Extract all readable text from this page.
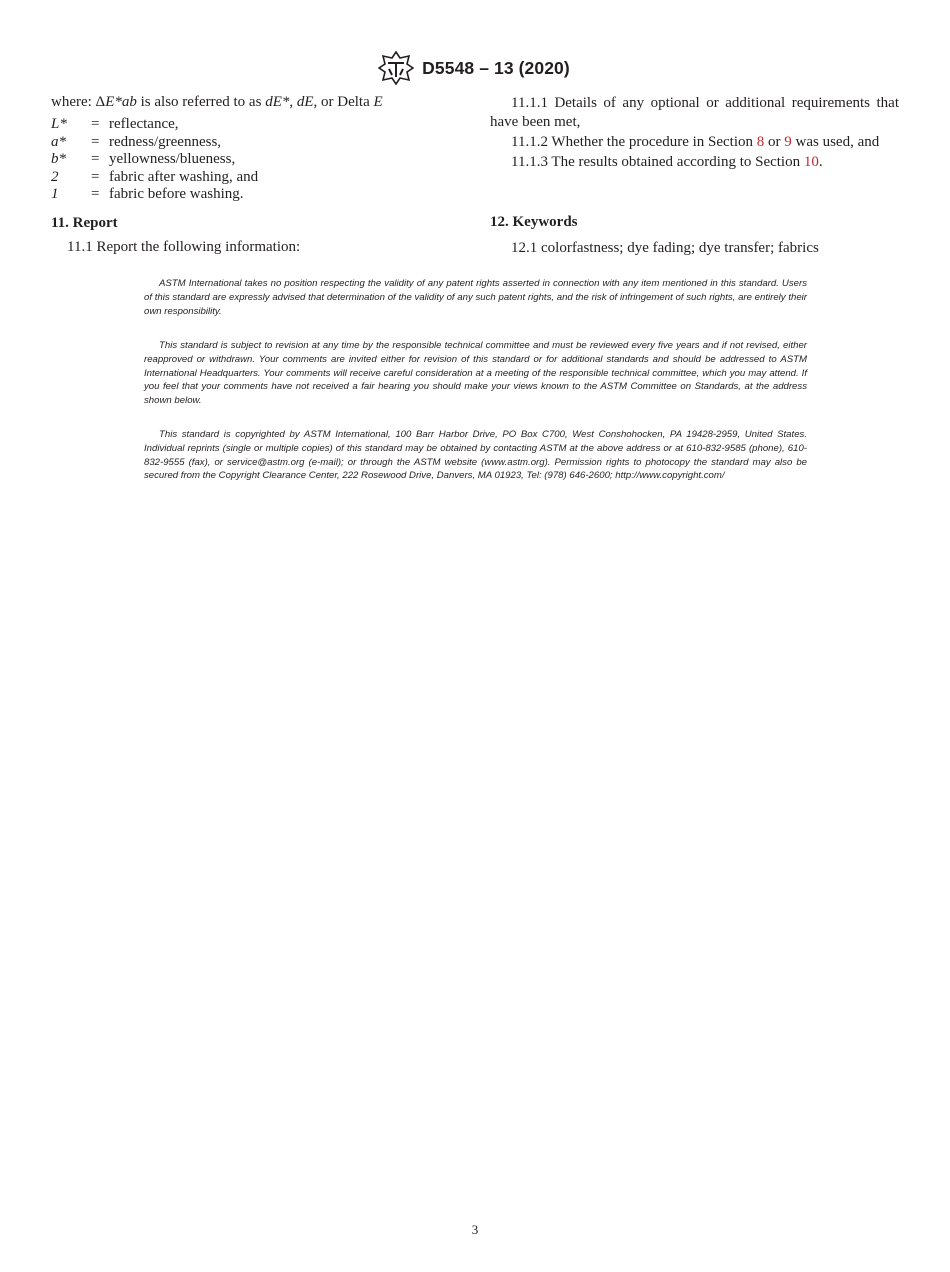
D5548 – 13 (2020)

where: ΔE*ab is also referred to as dE*, dE, or Delta E

L*	= reflectance,
a*	= redness/greenness,
b*	= yellowness/blueness,
2	= fabric after washing, and
1	= fabric before washing.

11. Report

11.1 Report the following information:

11.1.1 Details of any optional or additional requirements that have been met,

11.1.2 Whether the procedure in Section 8 or 9 was used, and

11.1.3 The results obtained according to Section 10.

12. Keywords

12.1 colorfastness; dye fading; dye transfer; fabrics

ASTM International takes no position respecting the validity of any patent rights asserted in connection with any item mentioned in this standard. Users of this standard are expressly advised that determination of the validity of any such patent rights, and the risk of infringement of such rights, are entirely their own responsibility.

This standard is subject to revision at any time by the responsible technical committee and must be reviewed every five years and if not revised, either reapproved or withdrawn. Your comments are invited either for revision of this standard or for additional standards and should be addressed to ASTM International Headquarters. Your comments will receive careful consideration at a meeting of the responsible technical committee, which you may attend. If you feel that your comments have not received a fair hearing you should make your views known to the ASTM Committee on Standards, at the address shown below.

This standard is copyrighted by ASTM International, 100 Barr Harbor Drive, PO Box C700, West Conshohocken, PA 19428-2959, United States. Individual reprints (single or multiple copies) of this standard may be obtained by contacting ASTM at the above address or at 610-832-9585 (phone), 610-832-9555 (fax), or service@astm.org (e-mail); or through the ASTM website (www.astm.org). Permission rights to photocopy the standard may also be secured from the Copyright Clearance Center, 222 Rosewood Drive, Danvers, MA 01923, Tel: (978) 646-2600; http://www.copyright.com/

3
